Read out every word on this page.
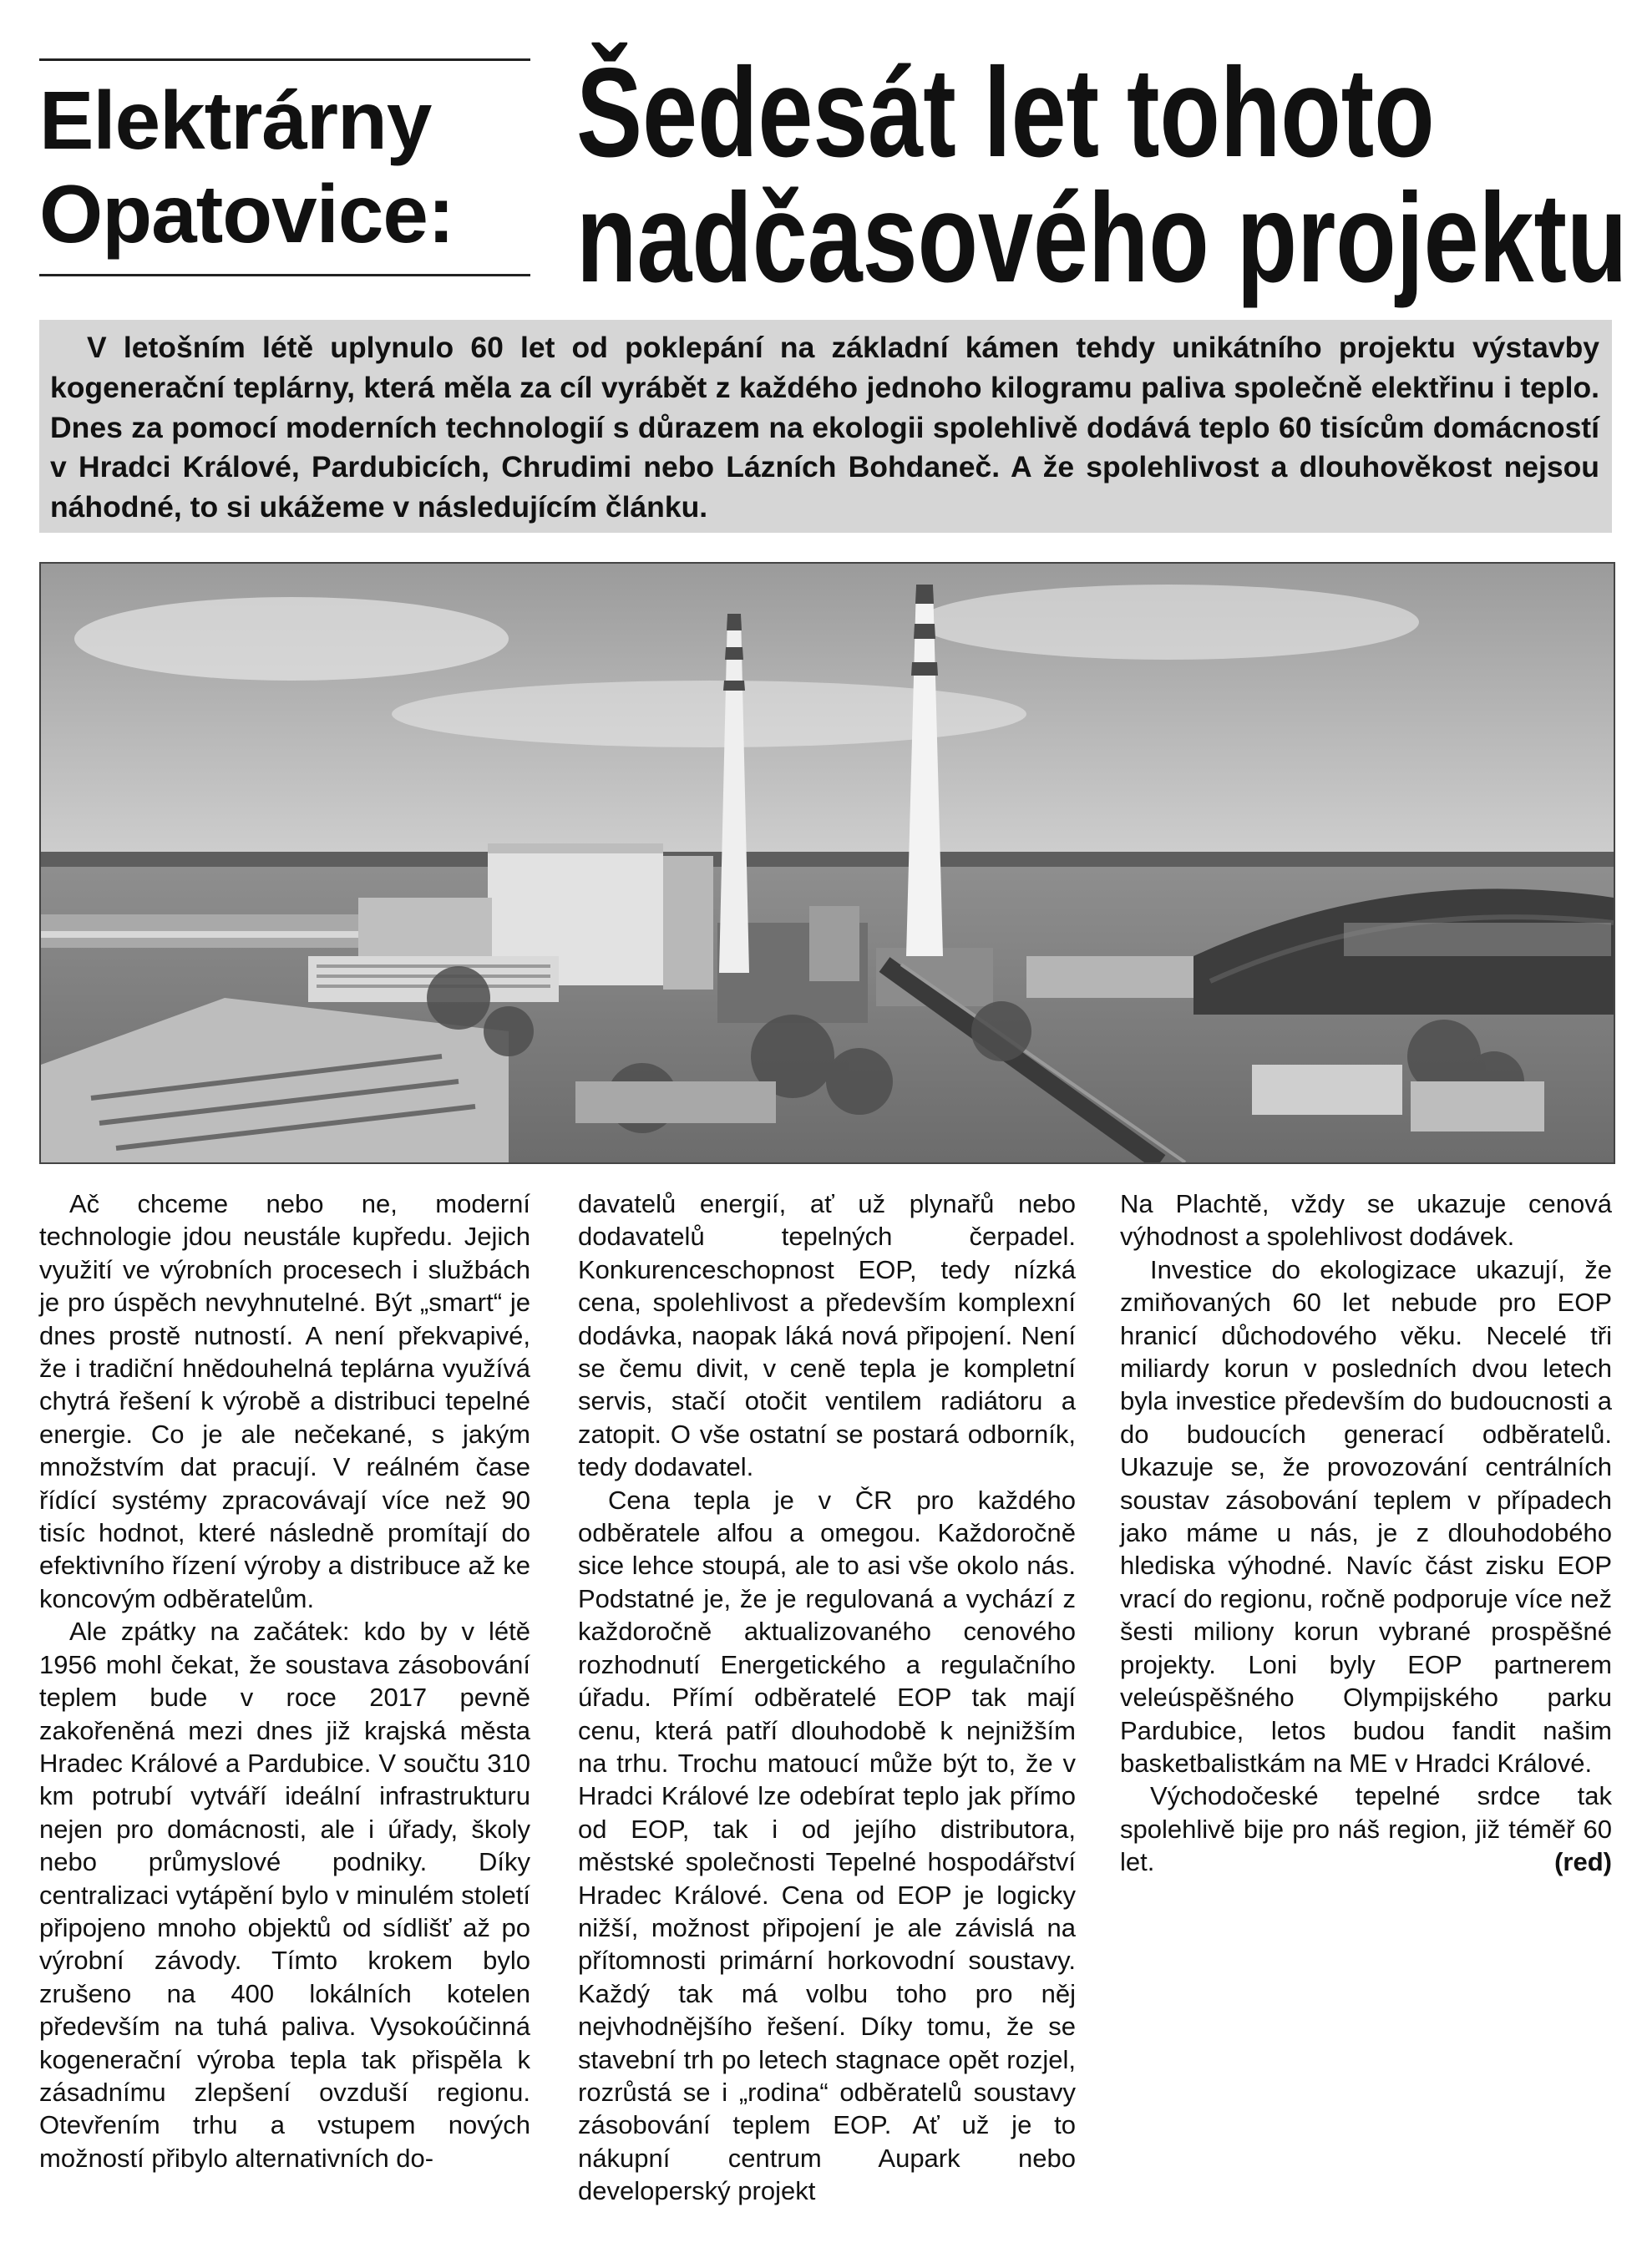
Elektrárny
Opatovice:
Šedesát let tohoto
nadčasového projektu
V letošním létě uplynulo 60 let od poklepání na základní kámen tehdy unikátního projektu výstavby kogenerační teplárny, která měla za cíl vyrábět z každého jednoho kilogramu paliva společně elektřinu i teplo. Dnes za pomocí moderních technologií s důrazem na ekologii spolehlivě dodává teplo 60 tisícům domácností v Hradci Králové, Pardubicích, Chrudimi nebo Lázních Bohdaneč. A že spolehlivost a dlouhověkost nejsou náhodné, to si ukážeme v následujícím článku.

Ač chceme nebo ne, moderní technologie jdou neustále kupředu. Jejich využití ve výrobních procesech i službách je pro úspěch nevyhnutelné. Být „smart“ je dnes prostě nutností. A není překvapivé, že i tradiční hnědouhelná teplárna využívá chytrá řešení k výrobě a distribuci tepelné energie. Co je ale nečekané, s jakým množstvím dat pracují. V reálném čase řídící systémy zpracovávají více než 90 tisíc hodnot, které následně promítají do efektivního řízení výroby a distribuce až ke koncovým odběratelům.

Ale zpátky na začátek: kdo by v létě 1956 mohl čekat, že soustava zásobování teplem bude v roce 2017 pevně zakořeněná mezi dnes již krajská města Hradec Králové a Pardubice. V součtu 310 km potrubí vytváří ideální infrastrukturu nejen pro domácnosti, ale i úřady, školy nebo průmyslové podniky. Díky centralizaci vytápění bylo v minulém století připojeno mnoho objektů od sídlišť až po výrobní závody. Tímto krokem bylo zrušeno na 400 lokálních kotelen především na tuhá paliva. Vysokoúčinná kogenerační výroba tepla tak přispěla k zásadnímu zlepšení ovzduší regionu. Otevřením trhu a vstupem nových možností přibylo alternativních do-

davatelů energií, ať už plynařů nebo dodavatelů tepelných čerpadel. Konkurenceschopnost EOP, tedy nízká cena, spolehlivost a především komplexní dodávka, naopak láká nová připojení. Není se čemu divit, v ceně tepla je kompletní servis, stačí otočit ventilem radiátoru a zatopit. O vše ostatní se postará odborník, tedy dodavatel.

Cena tepla je v ČR pro každého odběratele alfou a omegou. Každoročně sice lehce stoupá, ale to asi vše okolo nás. Podstatné je, že je regulovaná a vychází z každoročně aktualizovaného cenového rozhodnutí Energetického a regulačního úřadu. Přímí odběratelé EOP tak mají cenu, která patří dlouhodobě k nejnižším na trhu. Trochu matoucí může být to, že v Hradci Králové lze odebírat teplo jak přímo od EOP, tak i od jejího distributora, městské společnosti Tepelné hospodářství Hradec Králové. Cena od EOP je logicky nižší, možnost připojení je ale závislá na přítomnosti primární horkovodní soustavy. Každý tak má volbu toho pro něj nejvhodnějšího řešení. Díky tomu, že se stavební trh po letech stagnace opět rozjel, rozrůstá se i „rodina“ odběratelů soustavy zásobování teplem EOP. Ať už je to nákupní centrum Aupark nebo developerský projekt

Na Plachtě, vždy se ukazuje cenová výhodnost a spolehlivost dodávek.

Investice do ekologizace ukazují, že zmiňovaných 60 let nebude pro EOP hranicí důchodového věku. Necelé tři miliardy korun v posledních dvou letech byla investice především do budoucnosti a do budoucích generací odběratelů. Ukazuje se, že provozování centrálních soustav zásobování teplem v případech jako máme u nás, je z dlouhodobého hlediska výhodné. Navíc část zisku EOP vrací do regionu, ročně podporuje více než šesti miliony korun vybrané prospěšné projekty. Loni byly EOP partnerem veleúspěšného Olympijského parku Pardubice, letos budou fandit našim basketbalistkám na ME v Hradci Králové.

Východočeské tepelné srdce tak spolehlivě bije pro náš region, již téměř 60 let.	(red)
